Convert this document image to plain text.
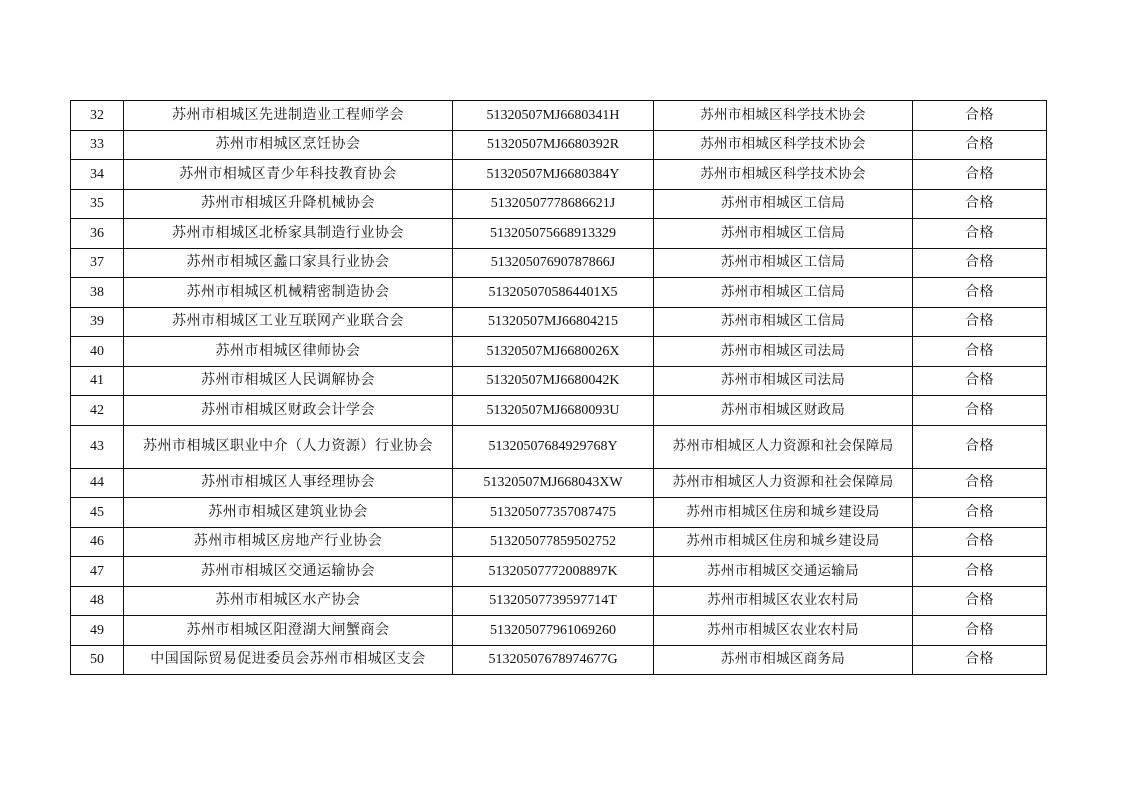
32	苏州市相城区先进制造业工程师学会	51320507MJ6680341H	苏州市相城区科学技术协会	合格
33	苏州市相城区烹饪协会	51320507MJ6680392R	苏州市相城区科学技术协会	合格
34	苏州市相城区青少年科技教育协会	51320507MJ6680384Y	苏州市相城区科学技术协会	合格
35	苏州市相城区升降机械协会	51320507778686621J	苏州市相城区工信局	合格
36	苏州市相城区北桥家具制造行业协会	513205075668913329	苏州市相城区工信局	合格
37	苏州市相城区蠡口家具行业协会	51320507690787866J	苏州市相城区工信局	合格
38	苏州市相城区机械精密制造协会	5132050705864401X5	苏州市相城区工信局	合格
39	苏州市相城区工业互联网产业联合会	51320507MJ66804215	苏州市相城区工信局	合格
40	苏州市相城区律师协会	51320507MJ6680026X	苏州市相城区司法局	合格
41	苏州市相城区人民调解协会	51320507MJ6680042K	苏州市相城区司法局	合格
42	苏州市相城区财政会计学会	51320507MJ6680093U	苏州市相城区财政局	合格
43	苏州市相城区职业中介（人力资源）行业协会	51320507684929768Y	苏州市相城区人力资源和社会保障局	合格
44	苏州市相城区人事经理协会	51320507MJ668043XW	苏州市相城区人力资源和社会保障局	合格
45	苏州市相城区建筑业协会	513205077357087475	苏州市相城区住房和城乡建设局	合格
46	苏州市相城区房地产行业协会	513205077859502752	苏州市相城区住房和城乡建设局	合格
47	苏州市相城区交通运输协会	51320507772008897K	苏州市相城区交通运输局	合格
48	苏州市相城区水产协会	51320507739597714T	苏州市相城区农业农村局	合格
49	苏州市相城区阳澄湖大闸蟹商会	513205077961069260	苏州市相城区农业农村局	合格
50	中国国际贸易促进委员会苏州市相城区支会	51320507678974677G	苏州市相城区商务局	合格
